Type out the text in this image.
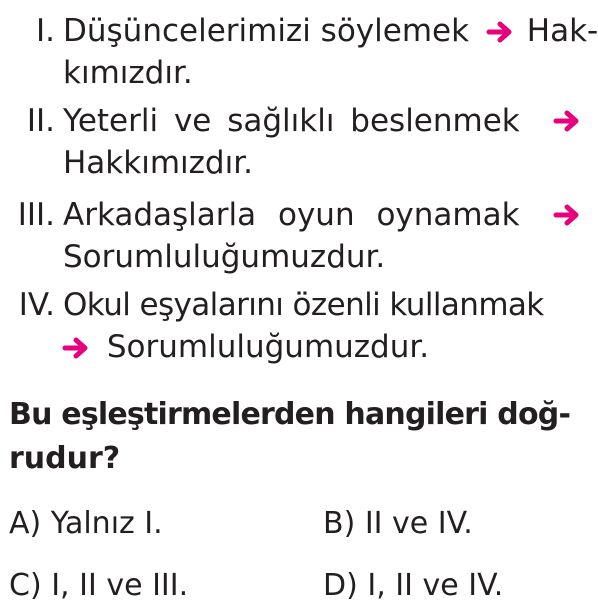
I. Düşüncelerimizi söylemek Hak-
kımızdır.
II. Yeterli ve sağlıklı beslenmek
Hakkımızdır.
III. Arkadaşlarla oyun oynamak
Sorumluluğumuzdur.
IV. Okul eşyalarını özenli kullanmak
Sorumluluğumuzdur.
Bu eşleştirmelerden hangileri doğ-
rudur?
A) Yalnız I.	B) II ve IV.
C) I, II ve III.	D) I, II ve IV.
